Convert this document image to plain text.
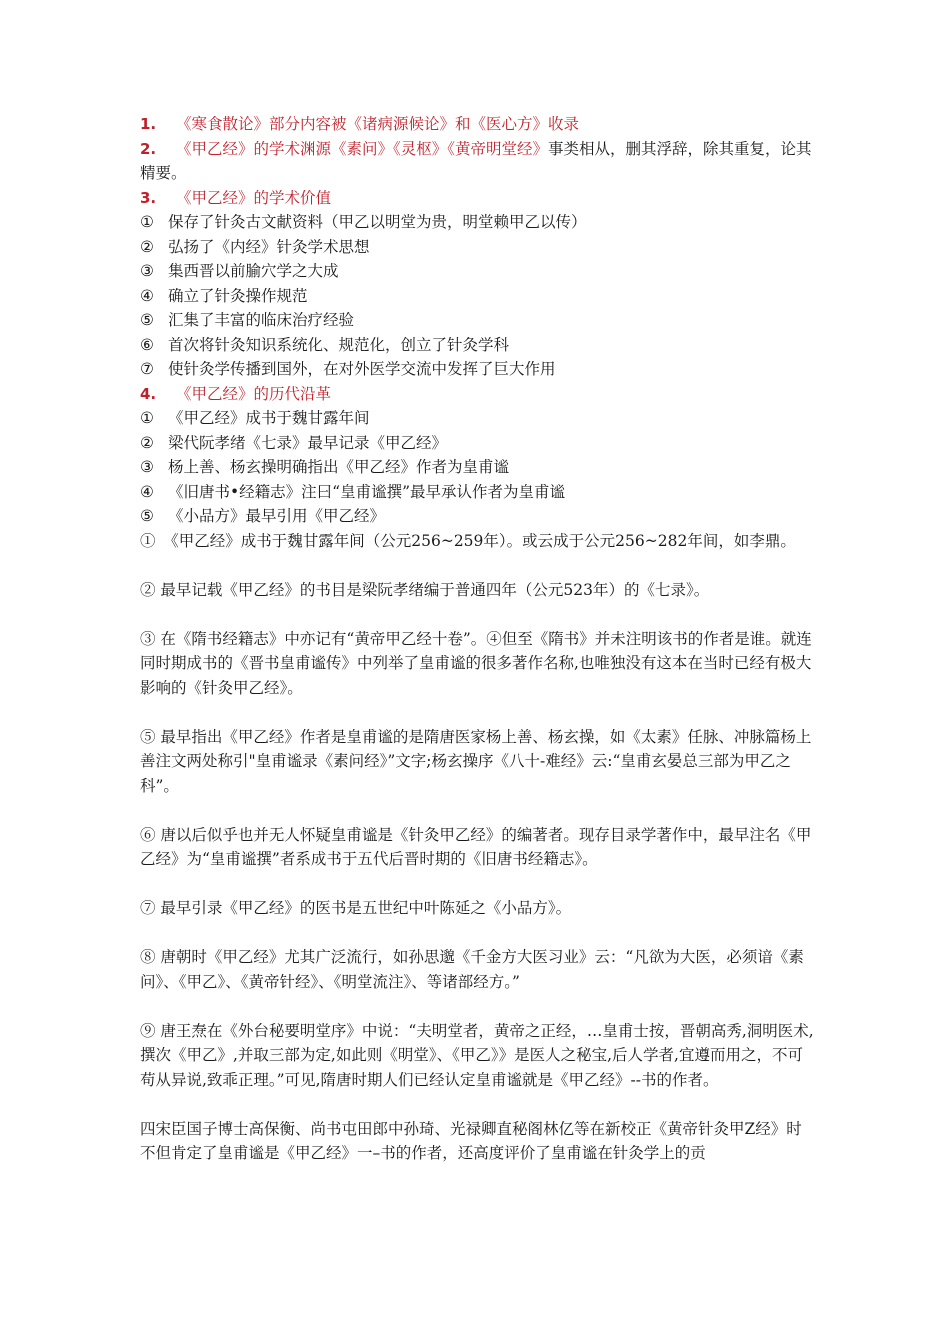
1. 《寒食散论》部分内容被《诸病源候论》和《医心方》收录
2. 《甲乙经》的学术渊源《素问》《灵枢》《黄帝明堂经》事类相从，删其浮辞，除其重复，论其精要。
3. 《甲乙经》的学术价值
① 保存了针灸古文献资料（甲乙以明堂为贵，明堂赖甲乙以传）
② 弘扬了《内经》针灸学术思想
③ 集西晋以前腧穴学之大成
④ 确立了针灸操作规范
⑤ 汇集了丰富的临床治疗经验
⑥ 首次将针灸知识系统化、规范化，创立了针灸学科
⑦ 使针灸学传播到国外，在对外医学交流中发挥了巨大作用
4. 《甲乙经》的历代沿革
① 《甲乙经》成书于魏甘露年间
② 梁代阮孝绪《七录》最早记录《甲乙经》
③ 杨上善、杨玄操明确指出《甲乙经》作者为皇甫谧
④ 《旧唐书•经籍志》注曰“皇甫谧撰”最早承认作者为皇甫谧
⑤ 《小品方》最早引用《甲乙经》

①　《甲乙经》成书于魏甘露年间（公元256~259年）。或云成于公元256~282年间，如李鼎。

② 最早记载《甲乙经》的书目是梁阮孝绪编于普通四年（公元523年）的《七录》。

③ 在《隋书经籍志》中亦记有“黄帝甲乙经十卷”。④但至《隋书》并未注明该书的作者是谁。就连同时期成书的《晋书皇甫谧传》中列举了皇甫谧的很多著作名称,也唯独没有这本在当时已经有极大影响的《针灸甲乙经》。

⑤ 最早指出《甲乙经》作者是皇甫谧的是隋唐医家杨上善、杨玄操，如《太素》任脉、冲脉篇杨上善注文两处称引"皇甫谧录《素问经》”文字;杨玄操序《八十-难经》云:“皇甫玄晏总三部为甲乙之科”。

⑥ 唐以后似乎也并无人怀疑皇甫谧是《针灸甲乙经》的编著者。现存目录学著作中，最早注名《甲乙经》为“皇甫谧撰”者系成书于五代后晋时期的《旧唐书经籍志》。

⑦ 最早引录《甲乙经》的医书是五世纪中叶陈延之《小品方》。

⑧ 唐朝时《甲乙经》尤其广泛流行，如孙思邈《千金方大医习业》云：“凡欲为大医，必须谙《素问》、《甲乙》、《黄帝针经》、《明堂流注》、等诸部经方。”

⑨ 唐王焘在《外台秘要明堂序》中说：“夫明堂者，黄帝之正经，…皇甫士按，晋朝高秀,洞明医术,撰次《甲乙》,并取三部为定,如此则《明堂》、《甲乙》》是医人之秘宝,后人学者,宜遵而用之，不可苟从异说,致乖正理。”可见,隋唐时期人们已经认定皇甫谧就是《甲乙经》--书的作者。

四宋臣国子博士高保衡、尚书屯田郎中孙琦、光禄卿直秘阁林亿等在新校正《黄帝针灸甲Z经》时不但肯定了皇甫谧是《甲乙经》一–书的作者，还高度评价了皇甫谧在针灸学上的贡
